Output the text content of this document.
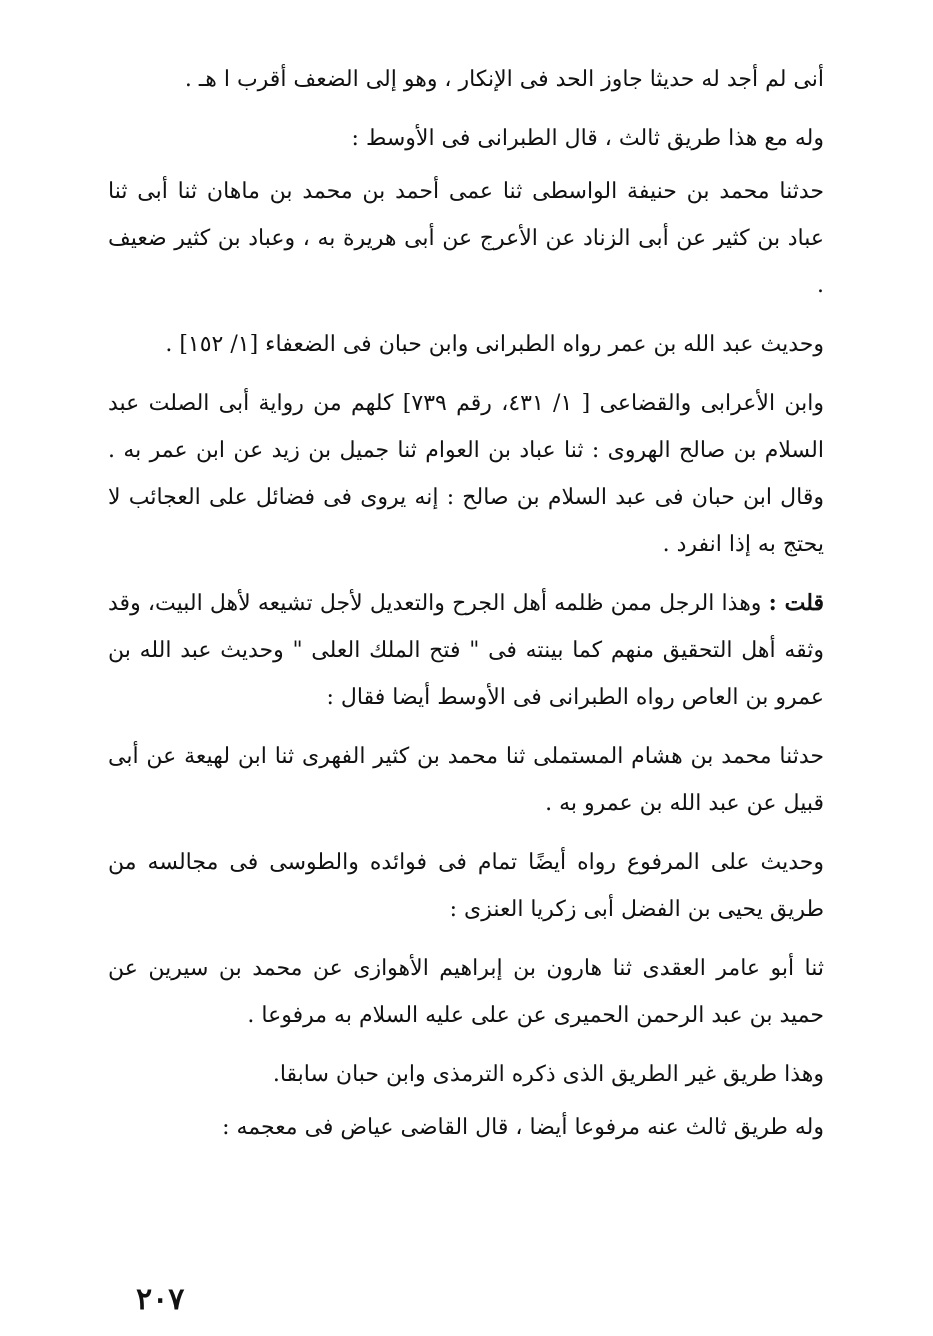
أنى لم أجد له حديثا جاوز الحد فى الإنكار ، وهو إلى الضعف أقرب ا هـ .

وله مع هذا طريق ثالث ، قال الطبرانى فى الأوسط :

حدثنا محمد بن حنيفة الواسطى ثنا عمى أحمد بن محمد بن ماهان ثنا أبى ثنا عباد بن كثير عن أبى الزناد عن الأعرج عن أبى هريرة به ، وعباد بن كثير ضعيف .

وحديث عبد الله بن عمر رواه الطبرانى وابن حبان فى الضعفاء [١/ ١٥٢] .

وابن الأعرابى والقضاعى [ ١/ ٤٣١، رقم ٧٣٩] كلهم من رواية أبى الصلت عبد السلام بن صالح الهروى : ثنا عباد بن العوام ثنا جميل بن زيد عن ابن عمر به . وقال ابن حبان فى عبد السلام بن صالح : إنه يروى فى فضائل على العجائب لا يحتج به إذا انفرد .

قلت : وهذا الرجل ممن ظلمه أهل الجرح والتعديل لأجل تشيعه لأهل البيت، وقد وثقه أهل التحقيق منهم كما بينته فى " فتح الملك العلى " وحديث عبد الله بن عمرو بن العاص رواه الطبرانى فى الأوسط أيضا فقال :

حدثنا محمد بن هشام المستملى ثنا محمد بن كثير الفهرى ثنا ابن لهيعة عن أبى قبيل عن عبد الله بن عمرو به .

وحديث على المرفوع رواه أيضًا تمام فى فوائده والطوسى فى مجالسه من طريق يحيى بن الفضل أبى زكريا العنزى :

ثنا أبو عامر العقدى ثنا هارون بن إبراهيم الأهوازى عن محمد بن سيرين عن حميد بن عبد الرحمن الحميرى عن على عليه السلام به مرفوعا .

وهذا طريق غير الطريق الذى ذكره الترمذى وابن حبان سابقا.

وله طريق ثالث عنه مرفوعا أيضا ، قال القاضى عياض فى معجمه :

٢٠٧
